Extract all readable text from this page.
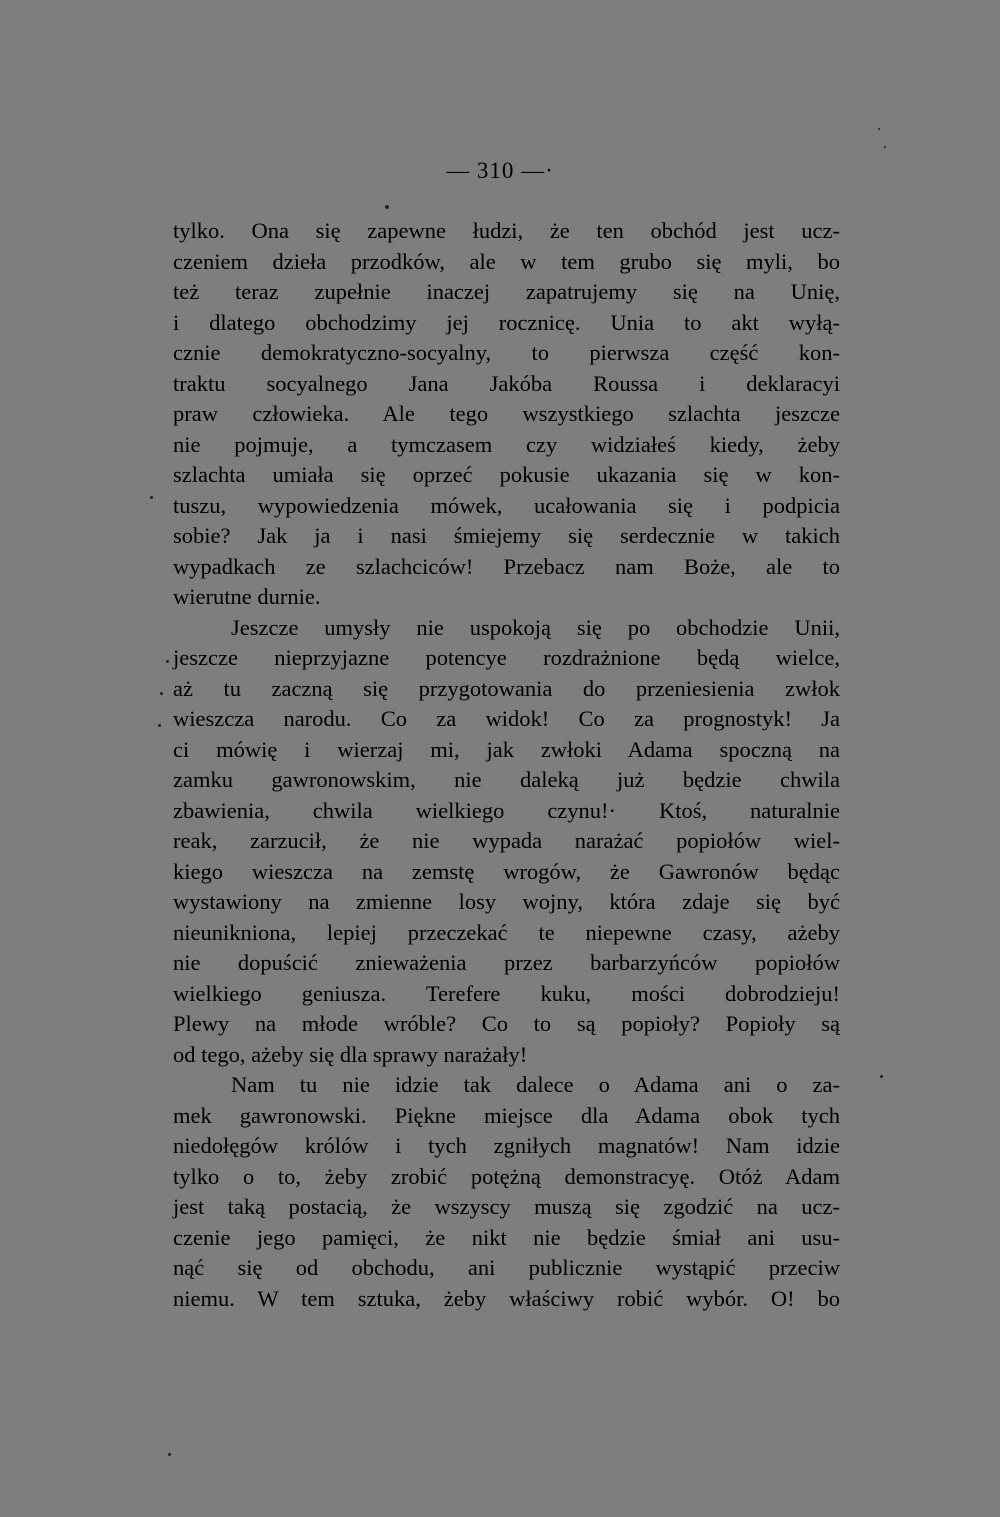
— 310 —·
tylko. Ona się zapewne łudzi, że ten obchód jest ucz-
czeniem dzieła przodków, ale w tem grubo się myli, bo
też teraz zupełnie inaczej zapatrujemy się na Unię,
i dlatego obchodzimy jej rocznicę. Unia to akt wyłą-
cznie demokratyczno-socyalny, to pierwsza część kon-
traktu socyalnego Jana Jakóba Roussa i deklaracyi
praw człowieka. Ale tego wszystkiego szlachta jeszcze
nie pojmuje, a tymczasem czy widziałeś kiedy, żeby
szlachta umiała się oprzeć pokusie ukazania się w kon-
tuszu, wypowiedzenia mówek, ucałowania się i podpicia
sobie? Jak ja i nasi śmiejemy się serdecznie w takich
wypadkach ze szlachciców! Przebacz nam Boże, ale to
wierutne durnie.
Jeszcze umysły nie uspokoją się po obchodzie Unii,
jeszcze nieprzyjazne potencye rozdrażnione będą wielce,
aż tu zaczną się przygotowania do przeniesienia zwłok
wieszcza narodu. Co za widok! Co za prognostyk! Ja
ci mówię i wierzaj mi, jak zwłoki Adama spoczną na
zamku gawronowskim, nie daleką już będzie chwila
zbawienia, chwila wielkiego czynu!· Ktoś, naturalnie
reak, zarzucił, że nie wypada narażać popiołów wiel-
kiego wieszcza na zemstę wrogów, że Gawronów będąc
wystawiony na zmienne losy wojny, która zdaje się być
nieunikniona, lepiej przeczekać te niepewne czasy, ażeby
nie dopuścić znieważenia przez barbarzyńców popiołów
wielkiego geniusza. Terefere kuku, mości dobrodzieju!
Plewy na młode wróble? Co to są popioły? Popioły są
od tego, ażeby się dla sprawy narażały!
Nam tu nie idzie tak dalece o Adama ani o za-
mek gawronowski. Piękne miejsce dla Adama obok tych
niedołęgów królów i tych zgniłych magnatów! Nam idzie
tylko o to, żeby zrobić potężną demonstracyę. Otóż Adam
jest taką postacią, że wszyscy muszą się zgodzić na ucz-
czenie jego pamięci, że nikt nie będzie śmiał ani usu-
nąć się od obchodu, ani publicznie wystąpić przeciw
niemu. W tem sztuka, żeby właściwy robić wybór. O! bo
